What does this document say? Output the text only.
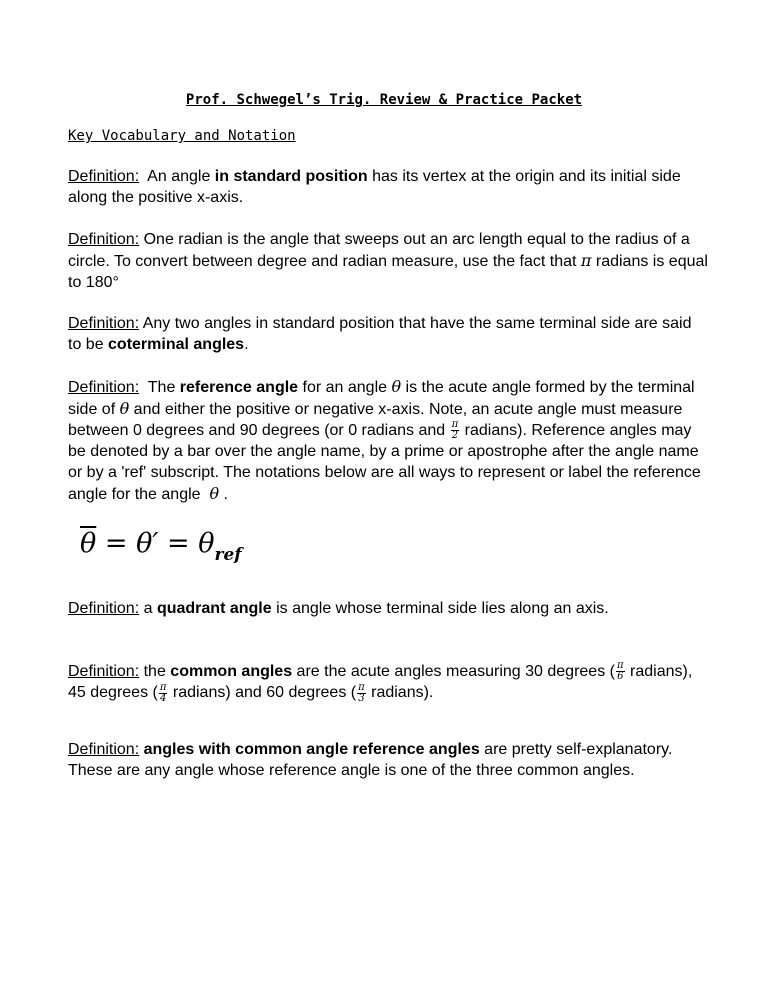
Prof. Schwegel’s Trig. Review & Practice Packet
Key Vocabulary and Notation
Definition: An angle in standard position has its vertex at the origin and its initial side along the positive x-axis.
Definition: One radian is the angle that sweeps out an arc length equal to the radius of a circle. To convert between degree and radian measure, use the fact that π radians is equal to 180°
Definition: Any two angles in standard position that have the same terminal side are said to be coterminal angles.
Definition: The reference angle for an angle θ is the acute angle formed by the terminal side of θ and either the positive or negative x-axis. Note, an acute angle must measure between 0 degrees and 90 degrees (or 0 radians and $\frac{\pi}{2}$ radians). Reference angles may be denoted by a bar over the angle name, by a prime or apostrophe after the angle name or by a 'ref' subscript. The notations below are all ways to represent or label the reference angle for the angle  θ .
$\overline{\theta} = \theta' = \theta_{ref}$
Definition: a quadrant angle is angle whose terminal side lies along an axis.
Definition: the common angles are the acute angles measuring 30 degrees ( $\frac{\pi}{6}$ radians), 45 degrees ( $\frac{\pi}{4}$ radians) and 60 degrees ( $\frac{\pi}{3}$ radians).
Definition: angles with common angle reference angles are pretty self-explanatory. These are any angle whose reference angle is one of the three common angles.
